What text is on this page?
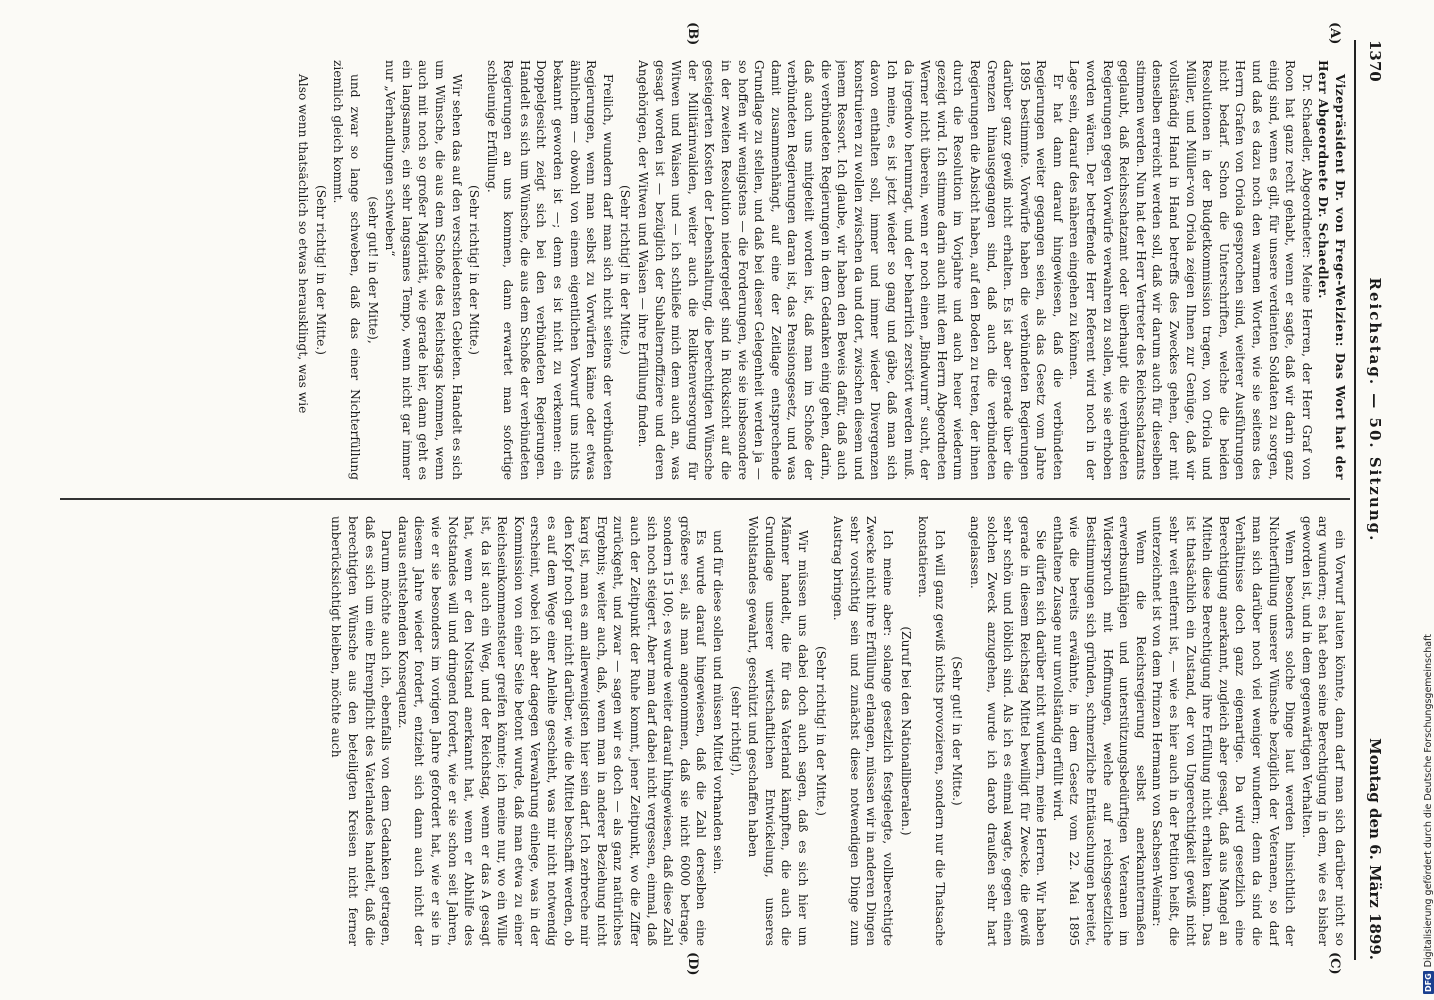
1370
Reichstag. — 50. Sitzung.
Montag den 6. März 1899.
(A)
(B)
(C)
(D)

Vizepräsident Dr. von Frege-Welzien: Das Wort hat der Herr Abgeordnete Dr. Schaedler.

Dr. Schaedler, Abgeordneter: Meine Herren, der Herr Graf von Roon hat ganz recht gehabt, wenn er sagte, daß wir darin ganz einig sind, wenn es gilt, für unsere verdienten Soldaten zu sorgen, und daß es dazu noch den warmen Worten, wie sie seitens des Herrn Grafen von Oriola gesprochen sind, weiterer Ausführungen nicht bedarf. Schon die Unterschriften, welche die beiden Resolutionen in der Budgetkommission tragen, von Oriola und Müller, und Müller-von Oriola zeigen Ihnen zur Genüge, daß wir vollständig Hand in Hand betreffs des Zweckes gehen, der mit denselben erreicht werden soll, daß wir darum auch für dieselben stimmen werden. Nun hat der Herr Vertreter des Reichsschatzamts geglaubt, daß Reichsschatzamt oder überhaupt die verbündeten Regierungen gegen Vorwürfe verwahren zu sollen, wie sie erhoben worden wären. Der betreffende Herr Referent wird noch in der Lage sein, darauf des näheren eingehen zu können.

Er hat dann darauf hingewiesen, daß die verbündeten Regierungen weiter gegangen seien, als das Gesetz vom Jahre 1895 bestimmte. Vorwürfe haben die verbündeten Regierungen darüber ganz gewiß nicht erhalten. Es ist aber gerade über die Grenzen hinausgegangen sind, daß auch die verbündeten Regierungen die Absicht haben, auf den Boden zu treten, der ihnen durch die Resolution im Vorjahre und auch heuer wiederum gezeigt wird. Ich stimme darin auch mit dem Herrn Abgeordneten Werner nicht überein, wenn er noch einen „Bindwurm“ sucht, der da irgendwo herumragt, und der beharrlich zerstört werden muß. Ich meine, es ist jetzt wieder so gang und gäbe, daß man sich davon enthalten soll, immer und immer wieder Divergenzen konstruieren zu wollen zwischen da und dort, zwischen diesem und jenem Ressort. Ich glaube, wir haben den Beweis dafür, daß auch die verbündeten Regierungen in dem Gedanken einig gehen, darin, daß auch uns mitgeteilt worden ist, daß man im Schoße der verbündeten Regierungen daran ist, das Pensionsgesetz, und was damit zusammenhängt, auf eine der Zeitlage entsprechende Grundlage zu stellen, und daß bei dieser Gelegenheit werden ja — so hoffen wir wenigstens — die Forderungen, wie sie insbesondere in der zweiten Resolution niedergelegt sind in Rücksicht auf die gesteigerten Kosten der Lebenshaltung, die berechtigten Wünsche der Militärinvaliden, weiter auch die Reliktenversorgung für Witwen und Waisen und — ich schließe mich dem auch an, was gesagt worden ist — bezüglich der Subalternoffiziere und deren Angehörigen, der Witwen und Waisen — ihre Erfüllung finden.

(Sehr richtig! in der Mitte.)

Freilich, wundern darf man sich nicht seitens der verbündeten Regierungen, wenn man selbst zu Vorwürfen käme oder etwas ähnlichem — obwohl von einem eigentlichen Vorwurf uns nichts bekannt geworden ist —; denn es ist nicht zu verkennen: ein Doppelgesicht zeigt sich bei den verbündeten Regierungen. Handelt es sich um Wünsche, die aus dem Schoße der verbündeten Regierungen an uns kommen, dann erwartet man sofortige schleunige Erfüllung.

(Sehr richtig! in der Mitte.)

Wir sehen das auf den verschiedensten Gebieten. Handelt es sich um Wünsche, die aus dem Schoße des Reichstags kommen, wenn auch mit noch so großer Majorität, wie gerade hier, dann geht es ein langsames, ein sehr langsames Tempo, wenn nicht gar immer nur „Verhandlungen schweben“

(sehr gut! in der Mitte),

und zwar so lange schweben, daß das einer Nichterfüllung ziemlich gleich kommt.

(Sehr richtig! in der Mitte.)

Also wenn thatsächlich so etwas herausklingt, was wie

ein Vorwurf lauten könnte, dann darf man sich darüber nicht so arg wundern; es hat eben seine Berechtigung in dem, wie es bisher geworden ist, und in dem gegenwärtigen Verhalten.

Wenn besonders solche Dinge laut werden hinsichtlich der Nichterfüllung unserer Wünsche bezüglich der Veteranen, so darf man sich darüber noch viel weniger wundern; denn da sind die Verhältnisse doch ganz eigenartige. Da wird gesetzlich eine Berechtigung anerkannt, zugleich aber gesagt, daß aus Mangel an Mitteln diese Berechtigung ihre Erfüllung nicht erhalten kann. Das ist thatsächlich ein Zustand, der von Ungerechtigkeit gewiß nicht sehr weit entfernt ist, — wie es hier auch in der Petition heißt, die unterzeichnet ist von dem Prinzen Hermann von Sachsen-Weimar:

Wenn die Reichsregierung selbst anerkanntermaßen erwerbsunfähigen und unterstützungsbedürftigen Veteranen im Widerspruch mit Hoffnungen, welche auf reichsgesetzliche Bestimmungen sich gründen, schmerzliche Enttäuschungen bereitet, wie die bereits erwähnte, in dem Gesetz vom 22. Mai 1895 enthaltene Zusage nur unvollständig erfüllt wird.

Sie dürfen sich darüber nicht wundern, meine Herren. Wir haben gerade in diesem Reichstag Mittel bewilligt für Zwecke, die gewiß sehr schön und löblich sind. Als ich es einmal wagte, gegen einen solchen Zweck anzugehen, wurde ich darob draußen sehr hart angelassen.

(Sehr gut! in der Mitte.)

Ich will ganz gewiß nichts provozieren, sondern nur die Thatsache konstatieren.

(Zuruf bei den Nationalliberalen.)

Ich meine aber: solange gesetzlich festgelegte, vollberechtigte Zwecke nicht ihre Erfüllung erlangen, müssen wir in anderen Dingen sehr vorsichtig sein und zunächst diese notwendigen Dinge zum Austrag bringen.

(Sehr richtig! in der Mitte.)

Wir müssen uns dabei doch auch sagen, daß es sich hier um Männer handelt, die für das Vaterland kämpften, die auch die Grundlage unserer wirtschaftlichen Entwickelung, unseres Wohlstandes gewahrt, geschützt und geschaffen haben

(sehr richtig!),

und für diese sollen und müssen Mittel vorhanden sein.

Es wurde darauf hingewiesen, daß die Zahl derselben eine größere sei, als man angenommen, daß sie nicht 6000 betrage, sondern 15 100; es wurde weiter darauf hingewiesen, daß diese Zahl sich noch steigert. Aber man darf dabei nicht vergessen, einmal, daß auch der Zeitpunkt der Ruhe kommt, jener Zeitpunkt, wo die Ziffer zurückgeht, und zwar — sagen wir es doch — als ganz natürliches Ergebnis; weiter auch, daß, wenn man in anderer Beziehung nicht karg ist, man es am allerwenigsten hier sein darf. Ich zerbreche mir den Kopf noch gar nicht darüber, wie die Mittel beschafft werden, ob es auf dem Wege einer Anleihe geschieht, was mir nicht notwendig erscheint, wobei ich aber dagegen Verwahrung einlege, was in der Kommission von einer Seite betont wurde, daß man etwa zu einer Reichseinkommensteuer greifen könnte; ich meine nur, wo ein Wille ist, da ist auch ein Weg, und der Reichstag, wenn er das A gesagt hat, wenn er den Notstand anerkannt hat, wenn er Abhilfe des Notstandes will und dringend fordert, wie er sie schon seit Jahren, wie er sie besonders im vorigen Jahre gefordert hat, wie er sie in diesem Jahre wieder fordert, entzieht sich dann auch nicht der daraus entstehenden Konsequenz.

Darum möchte auch ich, ebenfalls von dem Gedanken getragen, daß es sich um eine Ehrenpflicht des Vaterlandes handelt, daß die berechtigten Wünsche aus den beteiligten Kreisen nicht ferner unberücksichtigt bleiben, möchte auch

DFG
Digitalisierung gefördert durch die Deutsche Forschungsgemeinschaft
